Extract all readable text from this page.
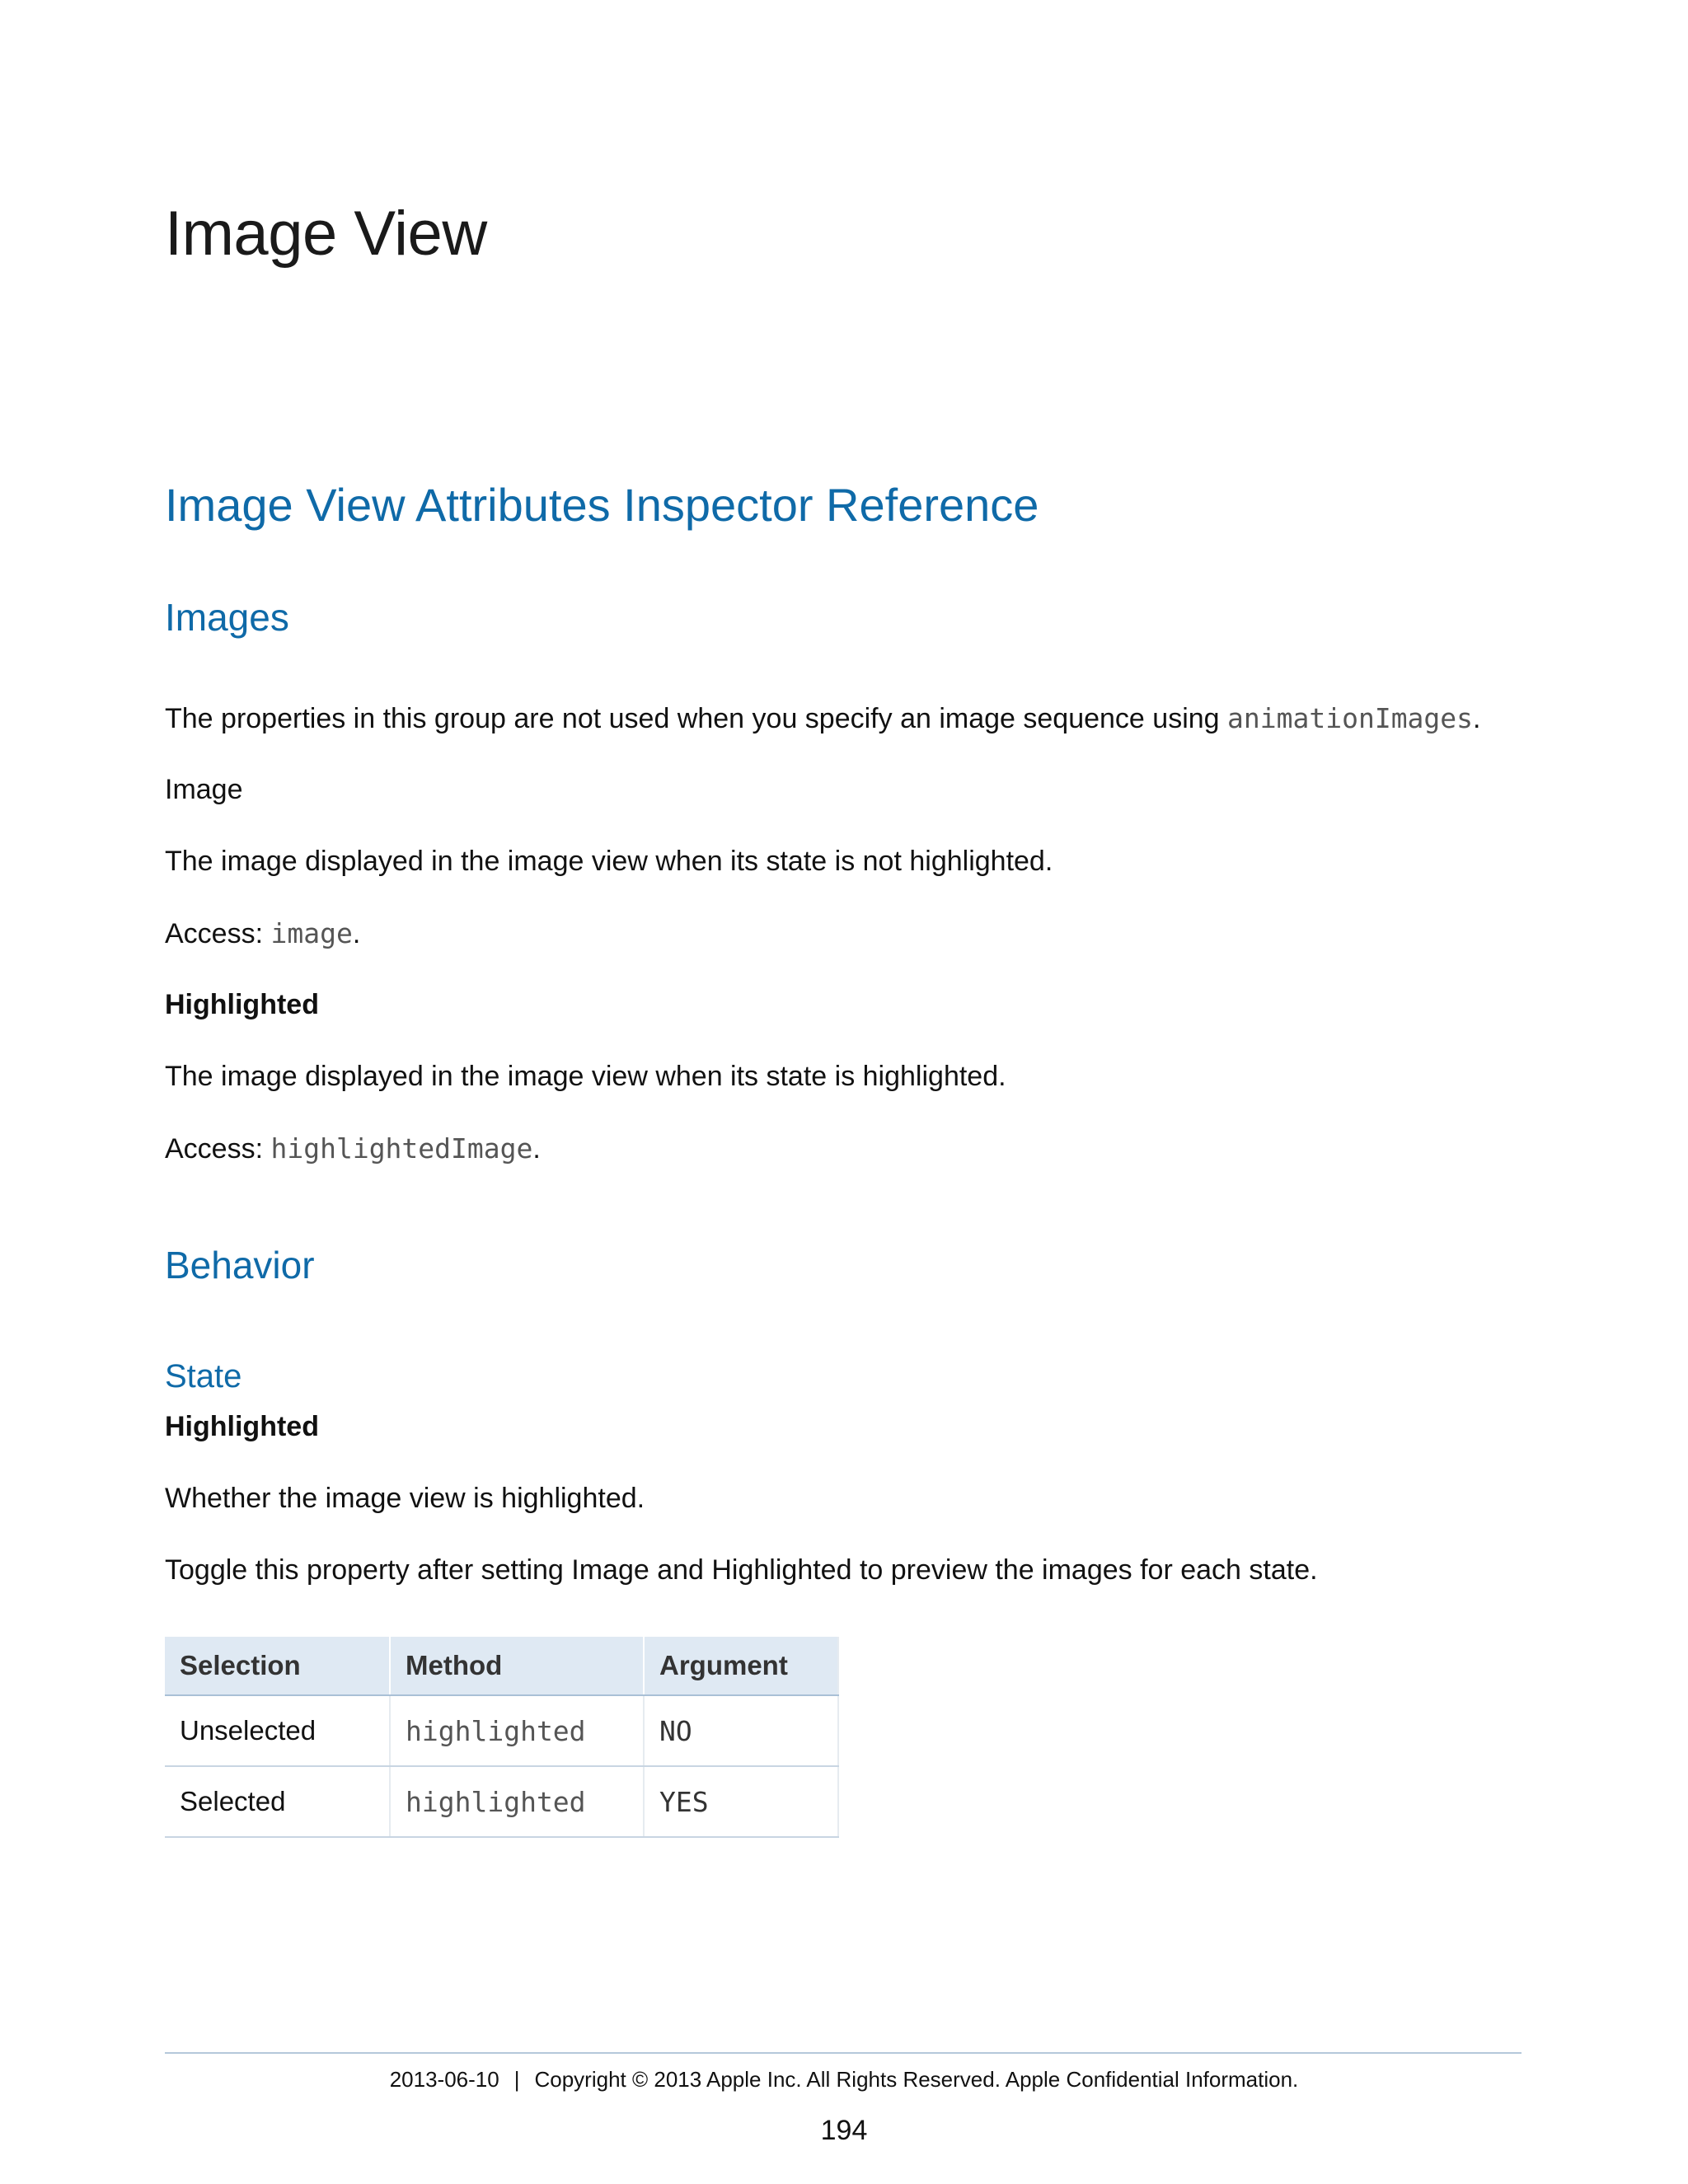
Image View
Image View Attributes Inspector Reference
Images

The properties in this group are not used when you specify an image sequence using animationImages.

Image

The image displayed in the image view when its state is not highlighted.

Access: image.

Highlighted

The image displayed in the image view when its state is highlighted.

Access: highlightedImage.

Behavior
State

Highlighted

Whether the image view is highlighted.

Toggle this property after setting Image and Highlighted to preview the images for each state.

Selection	Method	Argument
Unselected	highlighted	NO
Selected	highlighted	YES
2013-06-10 | Copyright © 2013 Apple Inc. All Rights Reserved. Apple Confidential Information.
194
